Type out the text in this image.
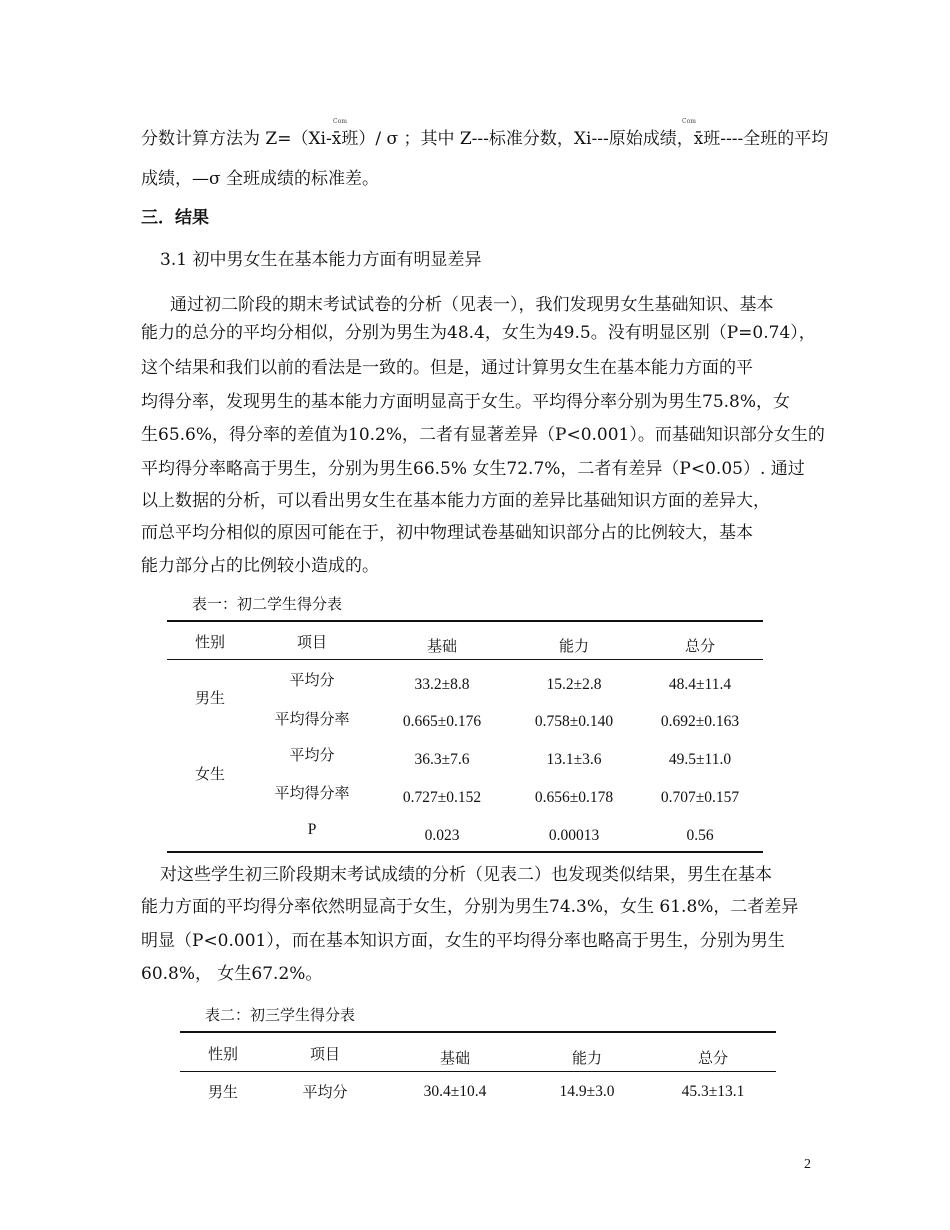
Com	Com
分数计算方法为 Z=（Xi-x̄班）/ σ ；其中 Z---标准分数，Xi---原始成绩，x̄班----全班的平均
成绩，—σ 全班成绩的标准差。
三．结果
3.1 初中男女生在基本能力方面有明显差异
通过初二阶段的期末考试试卷的分析（见表一），我们发现男女生基础知识、基本
能力的总分的平均分相似，分别为男生为48.4，女生为49.5。没有明显区别（P=0.74），
这个结果和我们以前的看法是一致的。但是，通过计算男女生在基本能力方面的平
均得分率，发现男生的基本能力方面明显高于女生。平均得分率分别为男生75.8%，女
生65.6%，得分率的差值为10.2%，二者有显著差异（P<0.001）。而基础知识部分女生的
平均得分率略高于男生，分别为男生66.5% 女生72.7%，二者有差异（P<0.05）. 通过
以上数据的分析，可以看出男女生在基本能力方面的差异比基础知识方面的差异大，
而总平均分相似的原因可能在于，初中物理试卷基础知识部分占的比例较大，基本
能力部分占的比例较小造成的。
表一：初二学生得分表
性别	项目	基础	能力	总分
男生
平均分	33.2±8.8	15.2±2.8	48.4±11.4
平均得分率	0.665±0.176	0.758±0.140	0.692±0.163
女生
平均分	36.3±7.6	13.1±3.6	49.5±11.0
平均得分率	0.727±0.152	0.656±0.178	0.707±0.157
P	0.023	0.00013	0.56
对这些学生初三阶段期末考试成绩的分析（见表二）也发现类似结果，男生在基本
能力方面的平均得分率依然明显高于女生，分别为男生74.3%，女生 61.8%，二者差异
明显（P<0.001），而在基本知识方面，女生的平均得分率也略高于男生，分别为男生
60.8%， 女生67.2%。
表二：初三学生得分表
性别	项目	基础	能力	总分
男生	平均分	30.4±10.4	14.9±3.0	45.3±13.1
2
